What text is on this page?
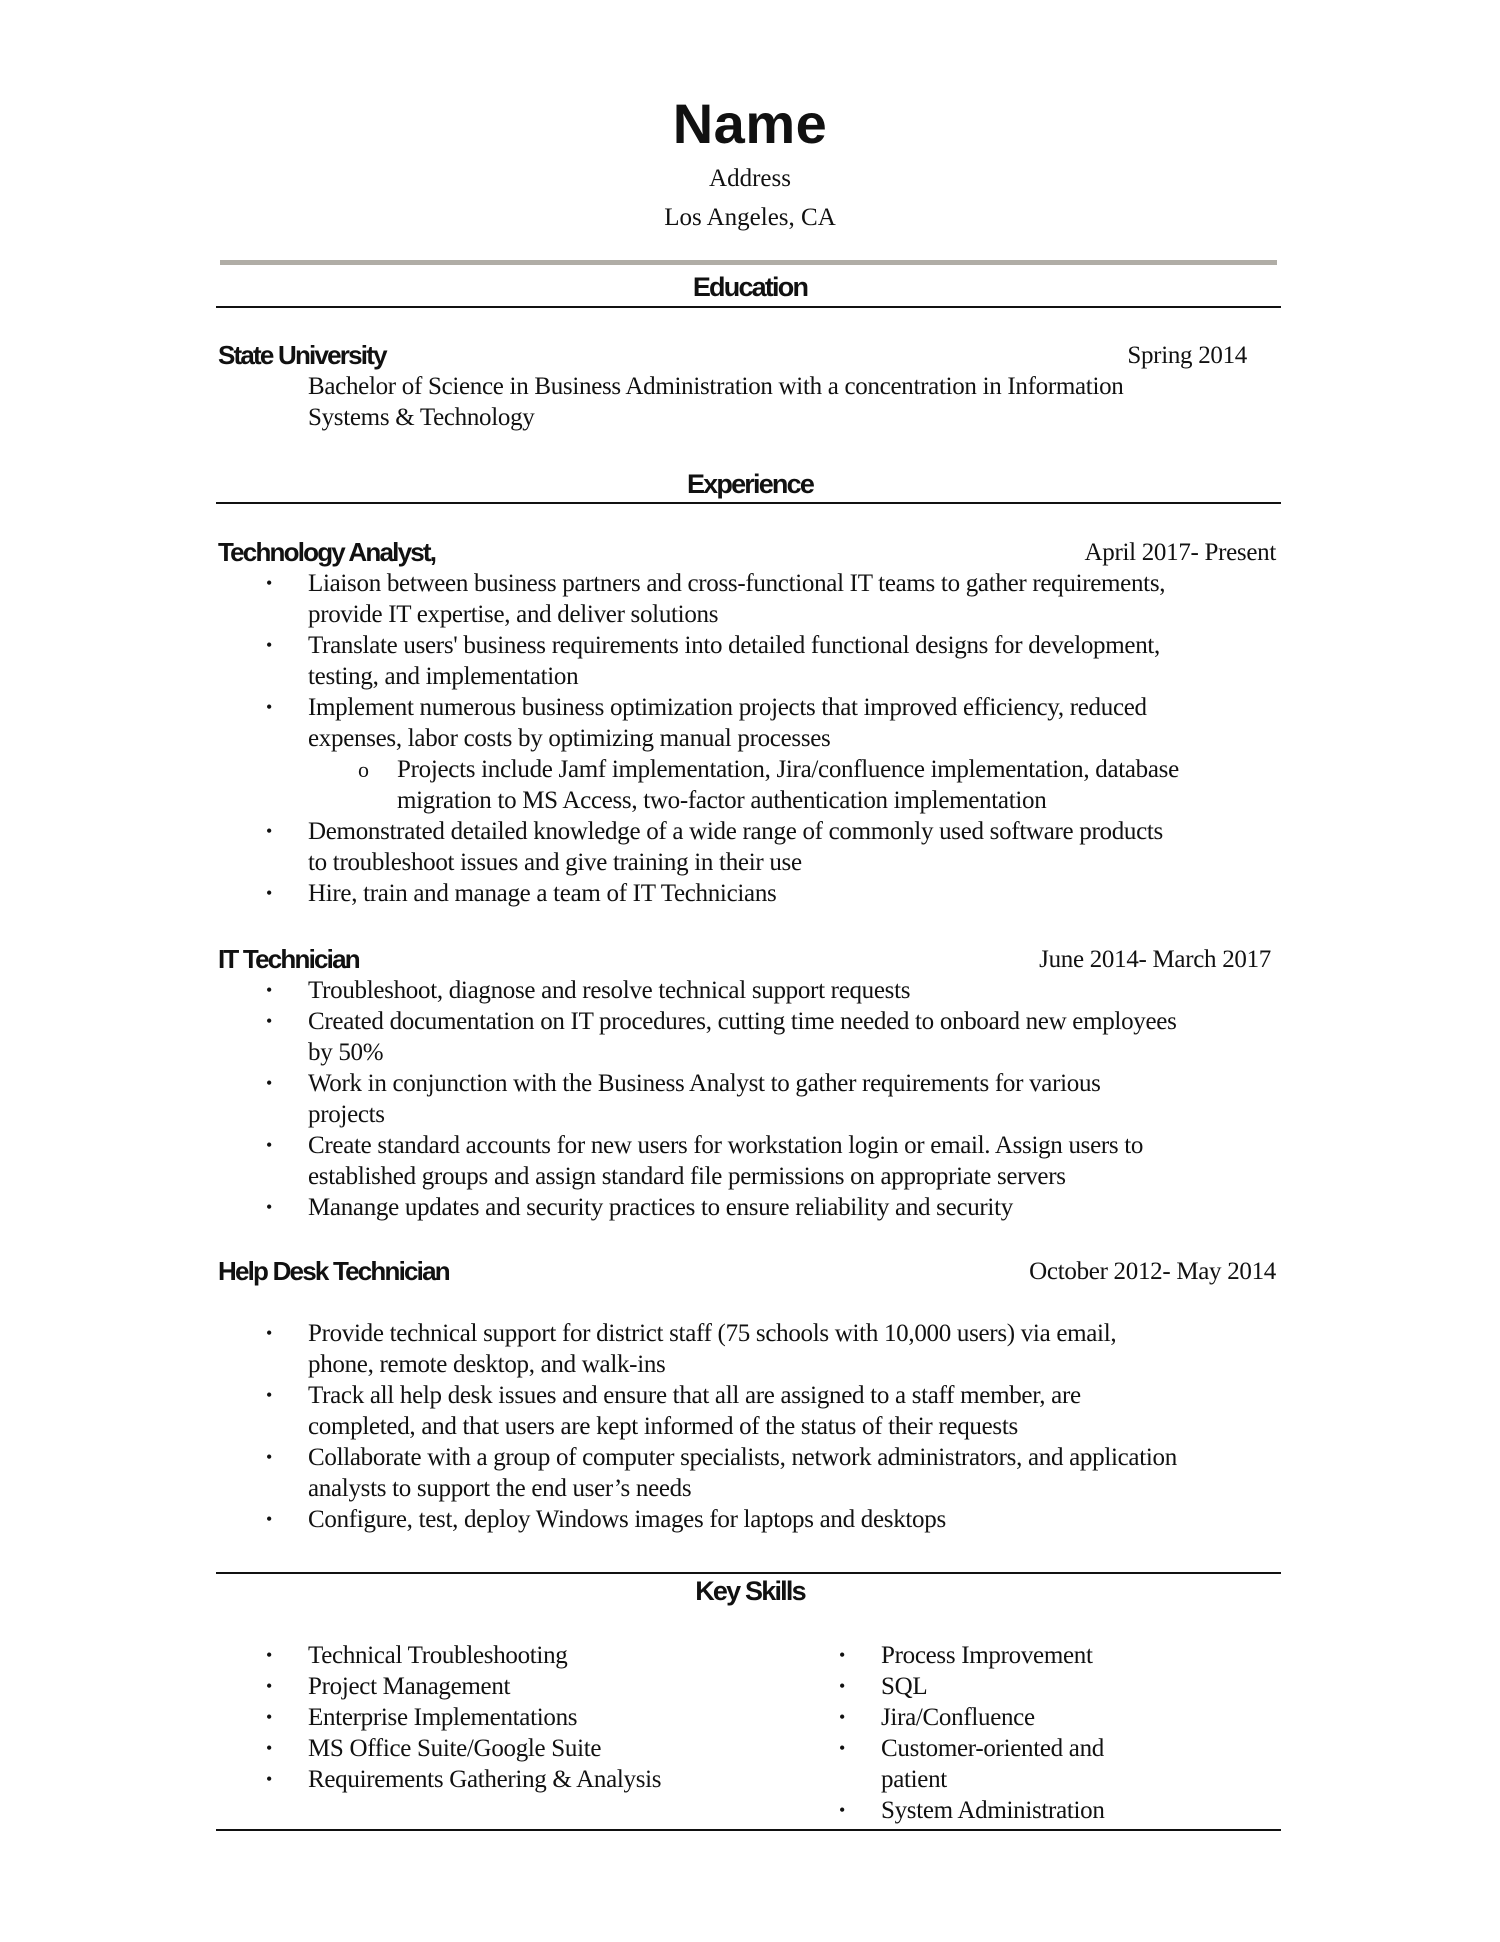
Name
Address
Los Angeles, CA
Education
State University	Spring 2014
Bachelor of Science in Business Administration with a concentration in Information
Systems & Technology
Experience
Technology Analyst,	April 2017- Present
• Liaison between business partners and cross-functional IT teams to gather requirements,
provide IT expertise, and deliver solutions
• Translate users' business requirements into detailed functional designs for development,
testing, and implementation
• Implement numerous business optimization projects that improved efficiency, reduced
expenses, labor costs by optimizing manual processes
o Projects include Jamf implementation, Jira/confluence implementation, database
migration to MS Access, two-factor authentication implementation
• Demonstrated detailed knowledge of a wide range of commonly used software products
to troubleshoot issues and give training in their use
• Hire, train and manage a team of IT Technicians
IT Technician	June 2014- March 2017
• Troubleshoot, diagnose and resolve technical support requests
• Created documentation on IT procedures, cutting time needed to onboard new employees
by 50%
• Work in conjunction with the Business Analyst to gather requirements for various
projects
• Create standard accounts for new users for workstation login or email. Assign users to
established groups and assign standard file permissions on appropriate servers
• Manange updates and security practices to ensure reliability and security
Help Desk Technician	October 2012- May 2014
• Provide technical support for district staff (75 schools with 10,000 users) via email,
phone, remote desktop, and walk-ins
• Track all help desk issues and ensure that all are assigned to a staff member, are
completed, and that users are kept informed of the status of their requests
• Collaborate with a group of computer specialists, network administrators, and application
analysts to support the end user’s needs
• Configure, test, deploy Windows images for laptops and desktops
Key Skills
• Technical Troubleshooting
• Project Management
• Enterprise Implementations
• MS Office Suite/Google Suite
• Requirements Gathering & Analysis
• Process Improvement
• SQL
• Jira/Confluence
• Customer-oriented and patient
• System Administration
